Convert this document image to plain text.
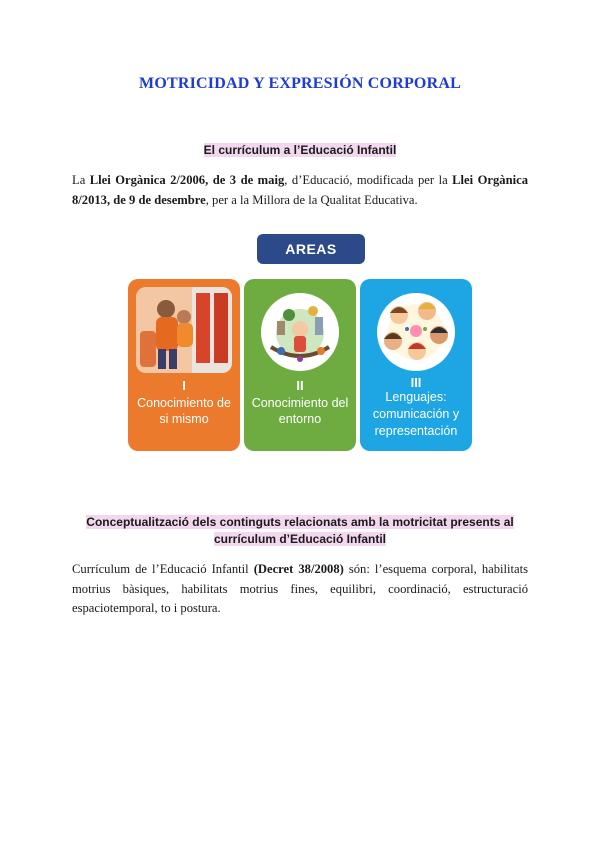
MOTRICIDAD Y EXPRESIÓN CORPORAL
El currículum a l’Educació Infantil
La Llei Orgànica 2/2006, de 3 de maig, d’Educació, modificada per la Llei Orgànica 8/2013, de 9 de desembre, per a la Millora de la Qualitat Educativa.
AREAS
I
Conocimiento de si mismo
II
Conocimiento del entorno
III
Lenguajes: comunicación y representación
Conceptualització dels continguts relacionats amb la motricitat presents al
currículum d’Educació Infantil
Currículum de l’Educació Infantil (Decret 38/2008) són: l’esquema corporal, habilitats motrius bàsiques, habilitats motrius fines, equilibri, coordinació, estructuració espaciotemporal, to i postura.
